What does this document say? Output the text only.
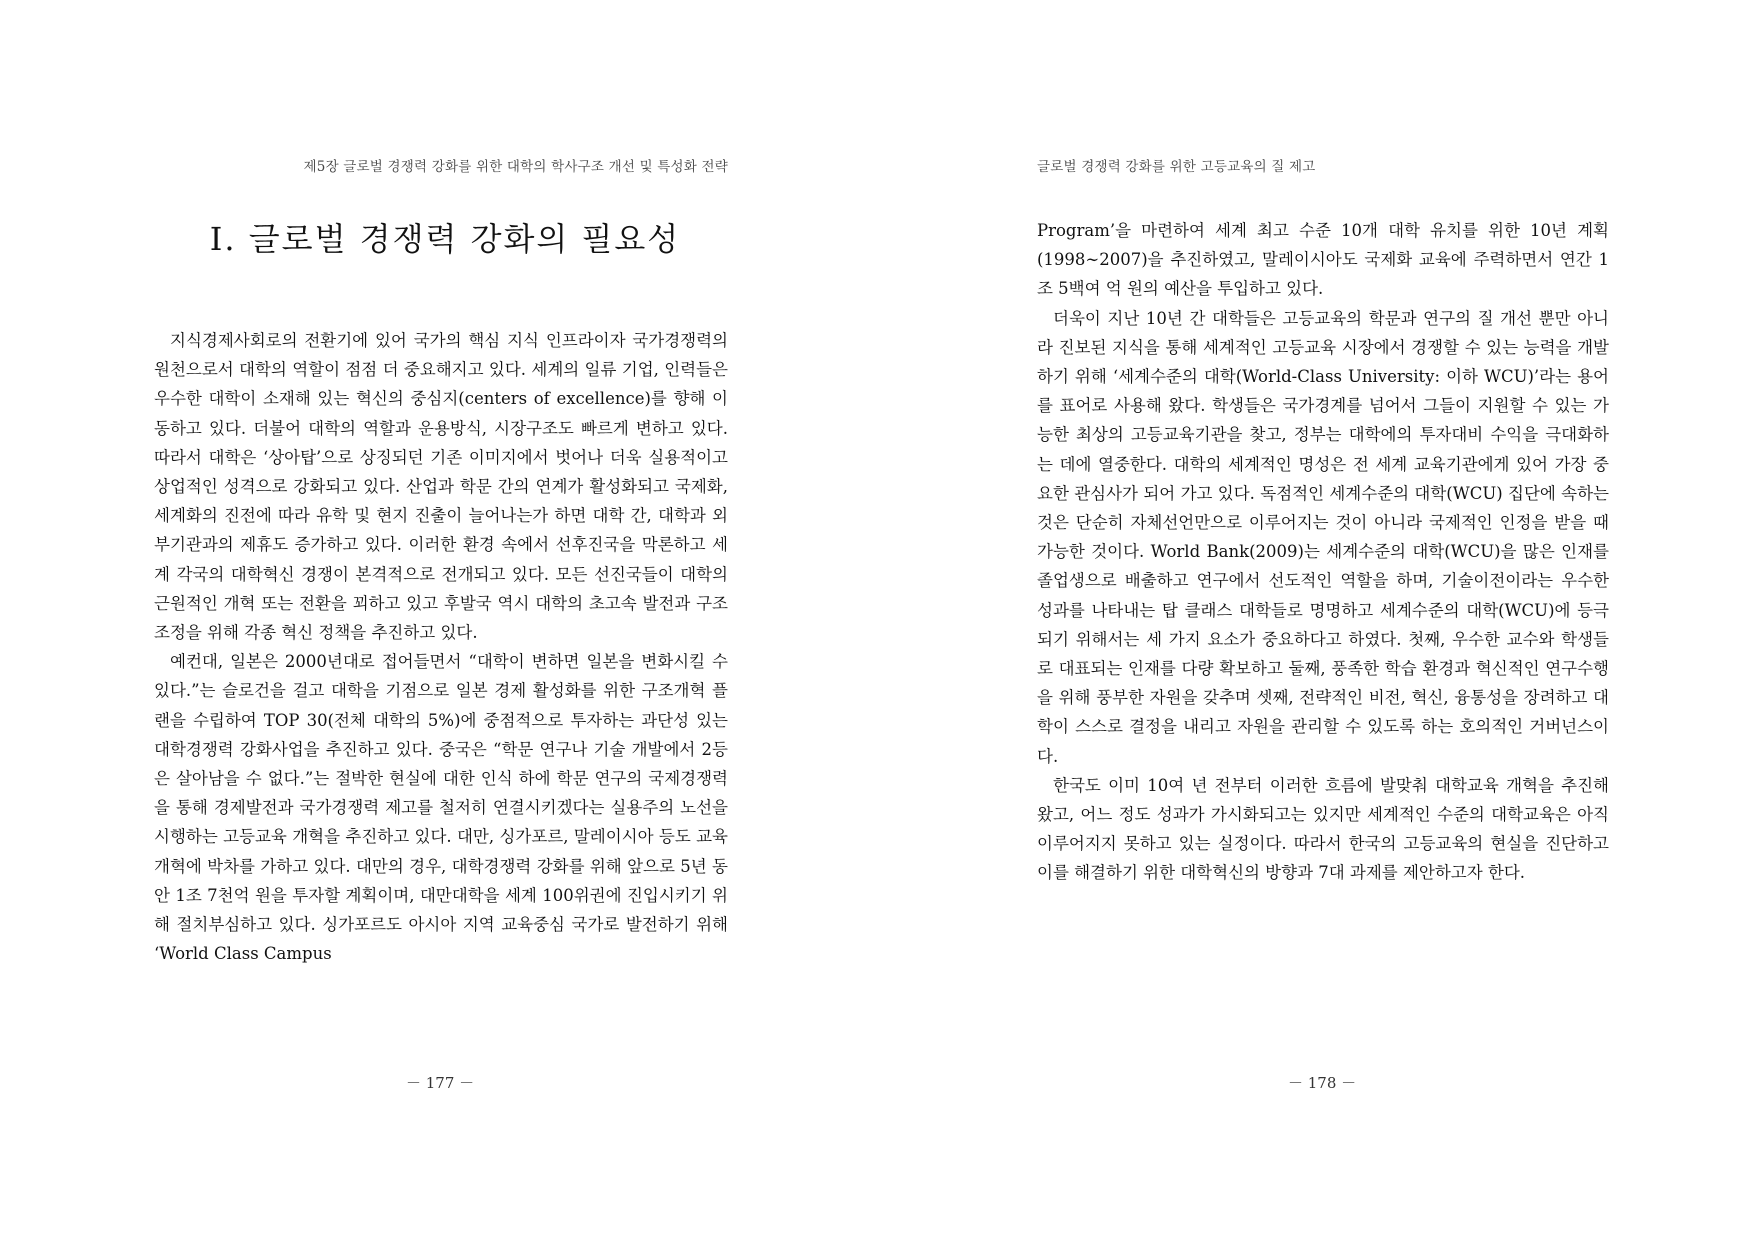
제5장 글로벌 경쟁력 강화를 위한 대학의 학사구조 개선 및 특성화 전략
Ⅰ. 글로벌 경쟁력 강화의 필요성

지식경제사회로의 전환기에 있어 국가의 핵심 지식 인프라이자 국가경쟁력의 원천으로서 대학의 역할이 점점 더 중요해지고 있다. 세계의 일류 기업, 인력들은 우수한 대학이 소재해 있는 혁신의 중심지(centers of excellence)를 향해 이동하고 있다. 더불어 대학의 역할과 운용방식, 시장구조도 빠르게 변하고 있다. 따라서 대학은 ‘상아탑’으로 상징되던 기존 이미지에서 벗어나 더욱 실용적이고 상업적인 성격으로 강화되고 있다. 산업과 학문 간의 연계가 활성화되고 국제화, 세계화의 진전에 따라 유학 및 현지 진출이 늘어나는가 하면 대학 간, 대학과 외부기관과의 제휴도 증가하고 있다. 이러한 환경 속에서 선후진국을 막론하고 세계 각국의 대학혁신 경쟁이 본격적으로 전개되고 있다. 모든 선진국들이 대학의 근원적인 개혁 또는 전환을 꾀하고 있고 후발국 역시 대학의 초고속 발전과 구조 조정을 위해 각종 혁신 정책을 추진하고 있다.

예컨대, 일본은 2000년대로 접어들면서 “대학이 변하면 일본을 변화시킬 수 있다.”는 슬로건을 걸고 대학을 기점으로 일본 경제 활성화를 위한 구조개혁 플랜을 수립하여 TOP 30(전체 대학의 5%)에 중점적으로 투자하는 과단성 있는 대학경쟁력 강화사업을 추진하고 있다. 중국은 “학문 연구나 기술 개발에서 2등은 살아남을 수 없다.”는 절박한 현실에 대한 인식 하에 학문 연구의 국제경쟁력을 통해 경제발전과 국가경쟁력 제고를 철저히 연결시키겠다는 실용주의 노선을 시행하는 고등교육 개혁을 추진하고 있다. 대만, 싱가포르, 말레이시아 등도 교육개혁에 박차를 가하고 있다. 대만의 경우, 대학경쟁력 강화를 위해 앞으로 5년 동안 1조 7천억 원을 투자할 계획이며, 대만대학을 세계 100위권에 진입시키기 위해 절치부심하고 있다. 싱가포르도 아시아 지역 교육중심 국가로 발전하기 위해 ‘World Class Campus

－ 177 －
글로벌 경쟁력 강화를 위한 고등교육의 질 제고

Program’을 마련하여 세계 최고 수준 10개 대학 유치를 위한 10년 계획(1998∼2007)을 추진하였고, 말레이시아도 국제화 교육에 주력하면서 연간 1조 5백여 억 원의 예산을 투입하고 있다.

더욱이 지난 10년 간 대학들은 고등교육의 학문과 연구의 질 개선 뿐만 아니라 진보된 지식을 통해 세계적인 고등교육 시장에서 경쟁할 수 있는 능력을 개발하기 위해 ‘세계수준의 대학(World-Class University: 이하 WCU)’라는 용어를 표어로 사용해 왔다. 학생들은 국가경계를 넘어서 그들이 지원할 수 있는 가능한 최상의 고등교육기관을 찾고, 정부는 대학에의 투자대비 수익을 극대화하는 데에 열중한다. 대학의 세계적인 명성은 전 세계 교육기관에게 있어 가장 중요한 관심사가 되어 가고 있다. 독점적인 세계수준의 대학(WCU) 집단에 속하는 것은 단순히 자체선언만으로 이루어지는 것이 아니라 국제적인 인정을 받을 때 가능한 것이다. World Bank(2009)는 세계수준의 대학(WCU)을 많은 인재를 졸업생으로 배출하고 연구에서 선도적인 역할을 하며, 기술이전이라는 우수한 성과를 나타내는 탑 클래스 대학들로 명명하고 세계수준의 대학(WCU)에 등극되기 위해서는 세 가지 요소가 중요하다고 하였다. 첫째, 우수한 교수와 학생들로 대표되는 인재를 다량 확보하고 둘째, 풍족한 학습 환경과 혁신적인 연구수행을 위해 풍부한 자원을 갖추며 셋째, 전략적인 비전, 혁신, 융통성을 장려하고 대학이 스스로 결정을 내리고 자원을 관리할 수 있도록 하는 호의적인 거버넌스이다.

한국도 이미 10여 년 전부터 이러한 흐름에 발맞춰 대학교육 개혁을 추진해 왔고, 어느 정도 성과가 가시화되고는 있지만 세계적인 수준의 대학교육은 아직 이루어지지 못하고 있는 실정이다. 따라서 한국의 고등교육의 현실을 진단하고 이를 해결하기 위한 대학혁신의 방향과 7대 과제를 제안하고자 한다.

－ 178 －
